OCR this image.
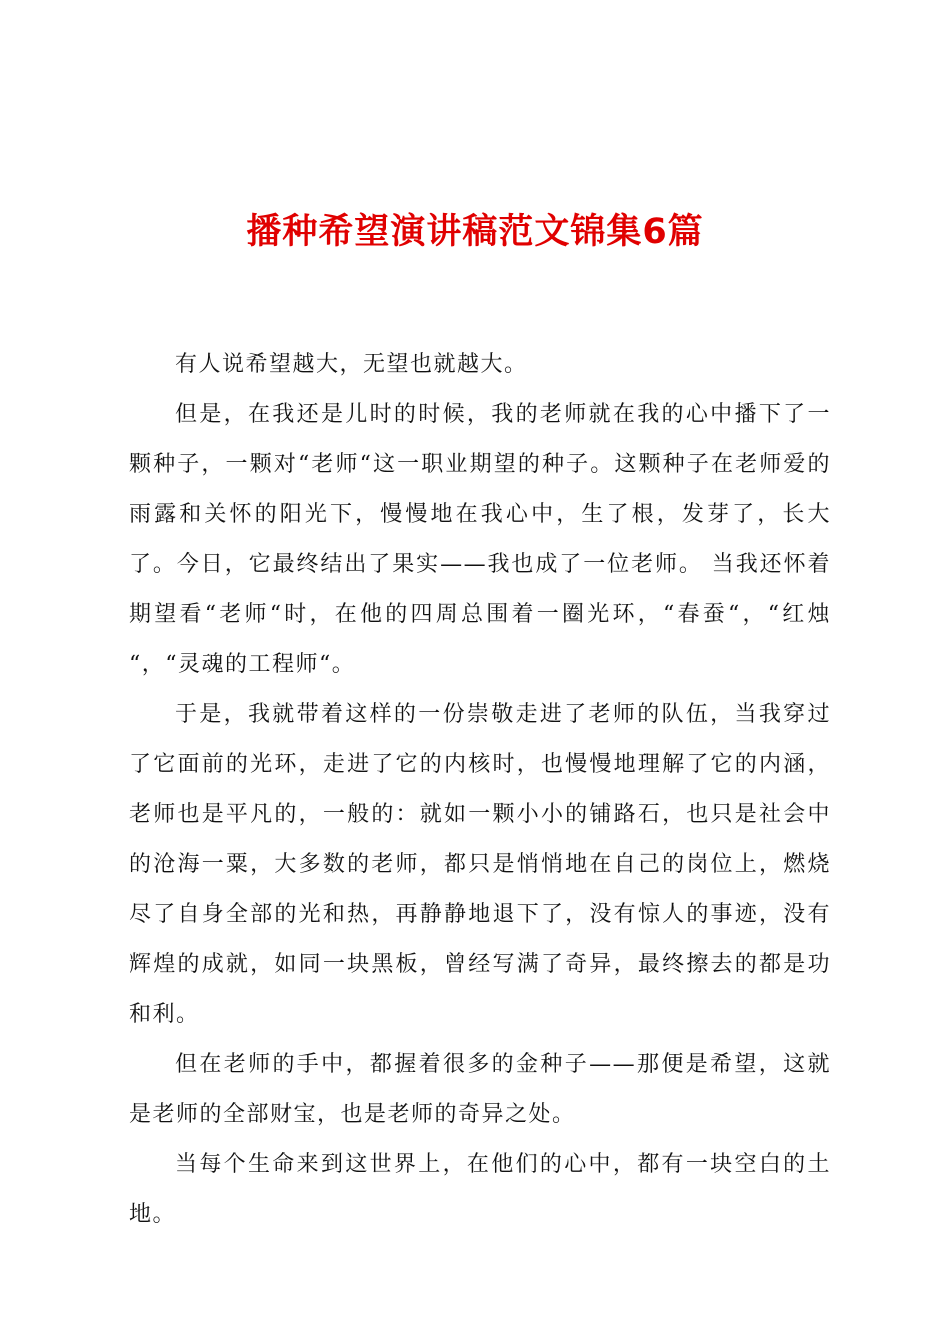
播种希望演讲稿范文锦集6篇

有人说希望越大，无望也就越大。

但是，在我还是儿时的时候，我的老师就在我的心中播下了一颗种子，一颗对“老师“这一职业期望的种子。这颗种子在老师爱的雨露和关怀的阳光下，慢慢地在我心中，生了根，发芽了，长大了。今日，它最终结出了果实——我也成了一位老师。 当我还怀着期望看“老师“时，在他的四周总围着一圈光环，“春蚕“，“红烛 “，“灵魂的工程师“。

于是，我就带着这样的一份崇敬走进了老师的队伍，当我穿过了它面前的光环，走进了它的内核时，也慢慢地理解了它的内涵，老师也是平凡的，一般的：就如一颗小小的铺路石，也只是社会中的沧海一粟，大多数的老师，都只是悄悄地在自己的岗位上，燃烧尽了自身全部的光和热，再静静地退下了，没有惊人的事迹，没有辉煌的成就，如同一块黑板，曾经写满了奇异，最终擦去的都是功和利。

但在老师的手中，都握着很多的金种子——那便是希望，这就是老师的全部财宝，也是老师的奇异之处。

当每个生命来到这世界上，在他们的心中，都有一块空白的土地。
